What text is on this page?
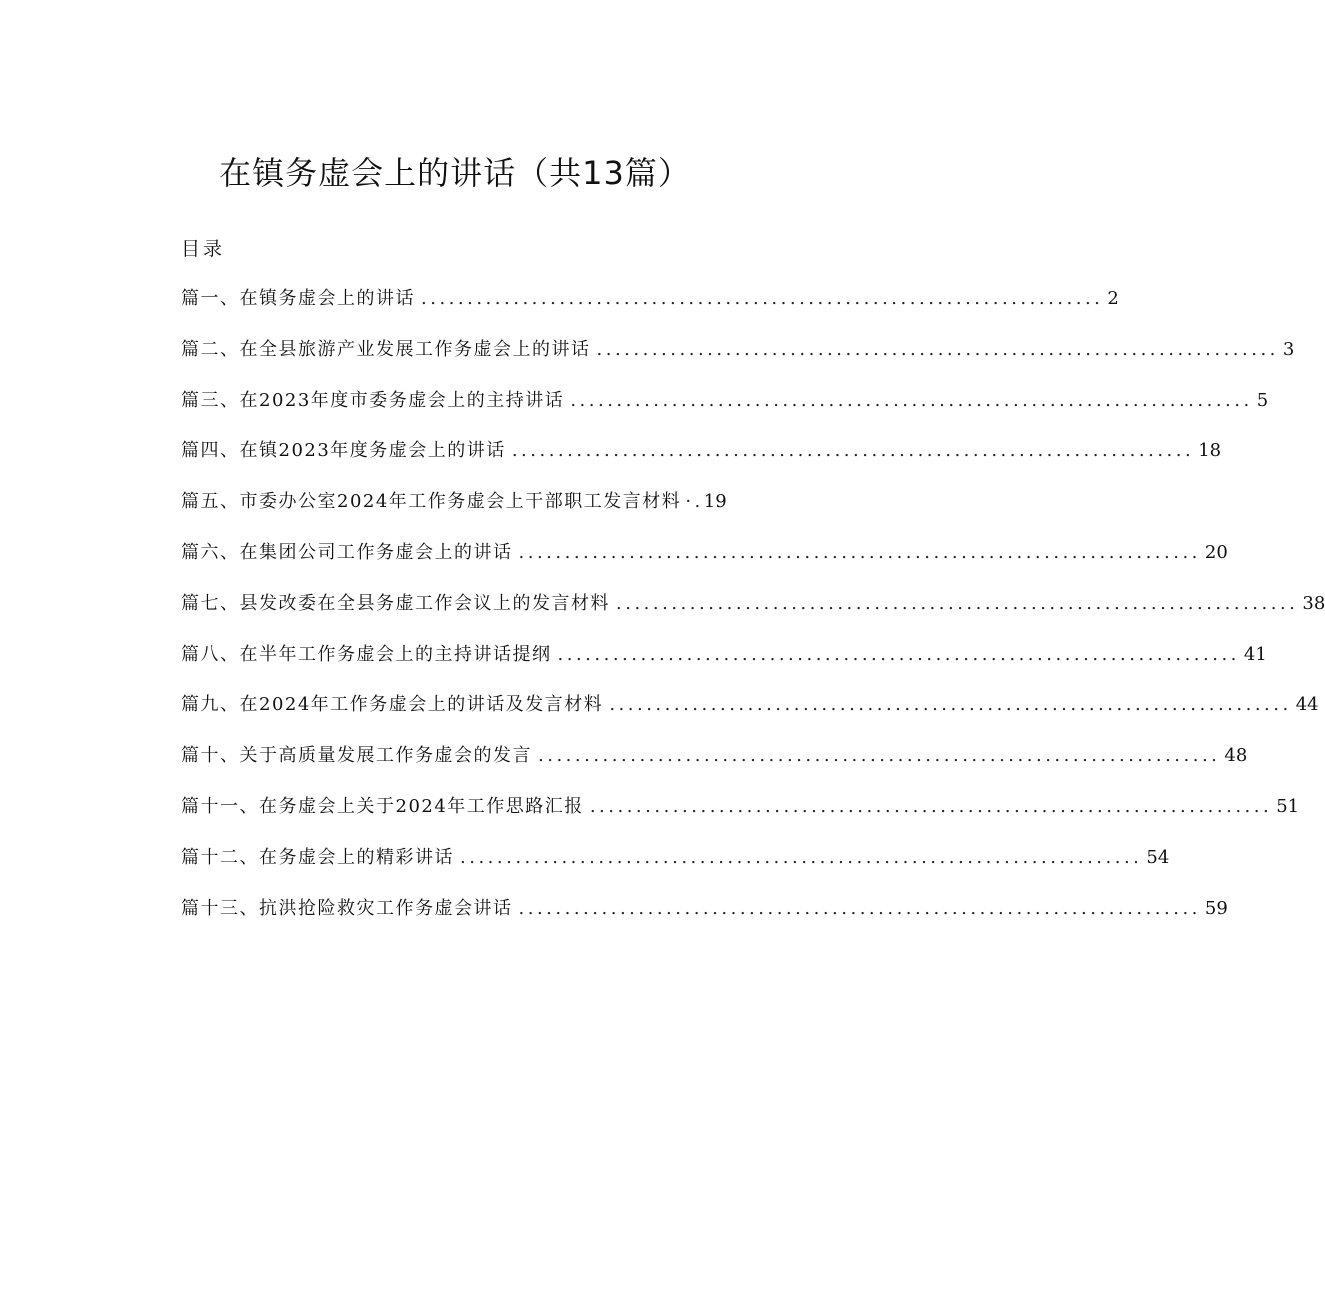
在镇务虚会上的讲话（共13篇）
目录
篇一、在镇务虚会上的讲话 .......................................................................... 2
篇二、在全县旅游产业发展工作务虚会上的讲话 .......................................................................... 3
篇三、在2023年度市委务虚会上的主持讲话 .......................................................................... 5
篇四、在镇2023年度务虚会上的讲话 .......................................................................... 18
篇五、市委办公室2024年工作务虚会上干部职工发言材料 ·. 19
篇六、在集团公司工作务虚会上的讲话 .......................................................................... 20
篇七、县发改委在全县务虚工作会议上的发言材料 .......................................................................... 38
篇八、在半年工作务虚会上的主持讲话提纲 .......................................................................... 41
篇九、在2024年工作务虚会上的讲话及发言材料 .......................................................................... 44
篇十、关于高质量发展工作务虚会的发言 .......................................................................... 48
篇十一、在务虚会上关于2024年工作思路汇报 .......................................................................... 51
篇十二、在务虚会上的精彩讲话 .......................................................................... 54
篇十三、抗洪抢险救灾工作务虚会讲话 .......................................................................... 59
